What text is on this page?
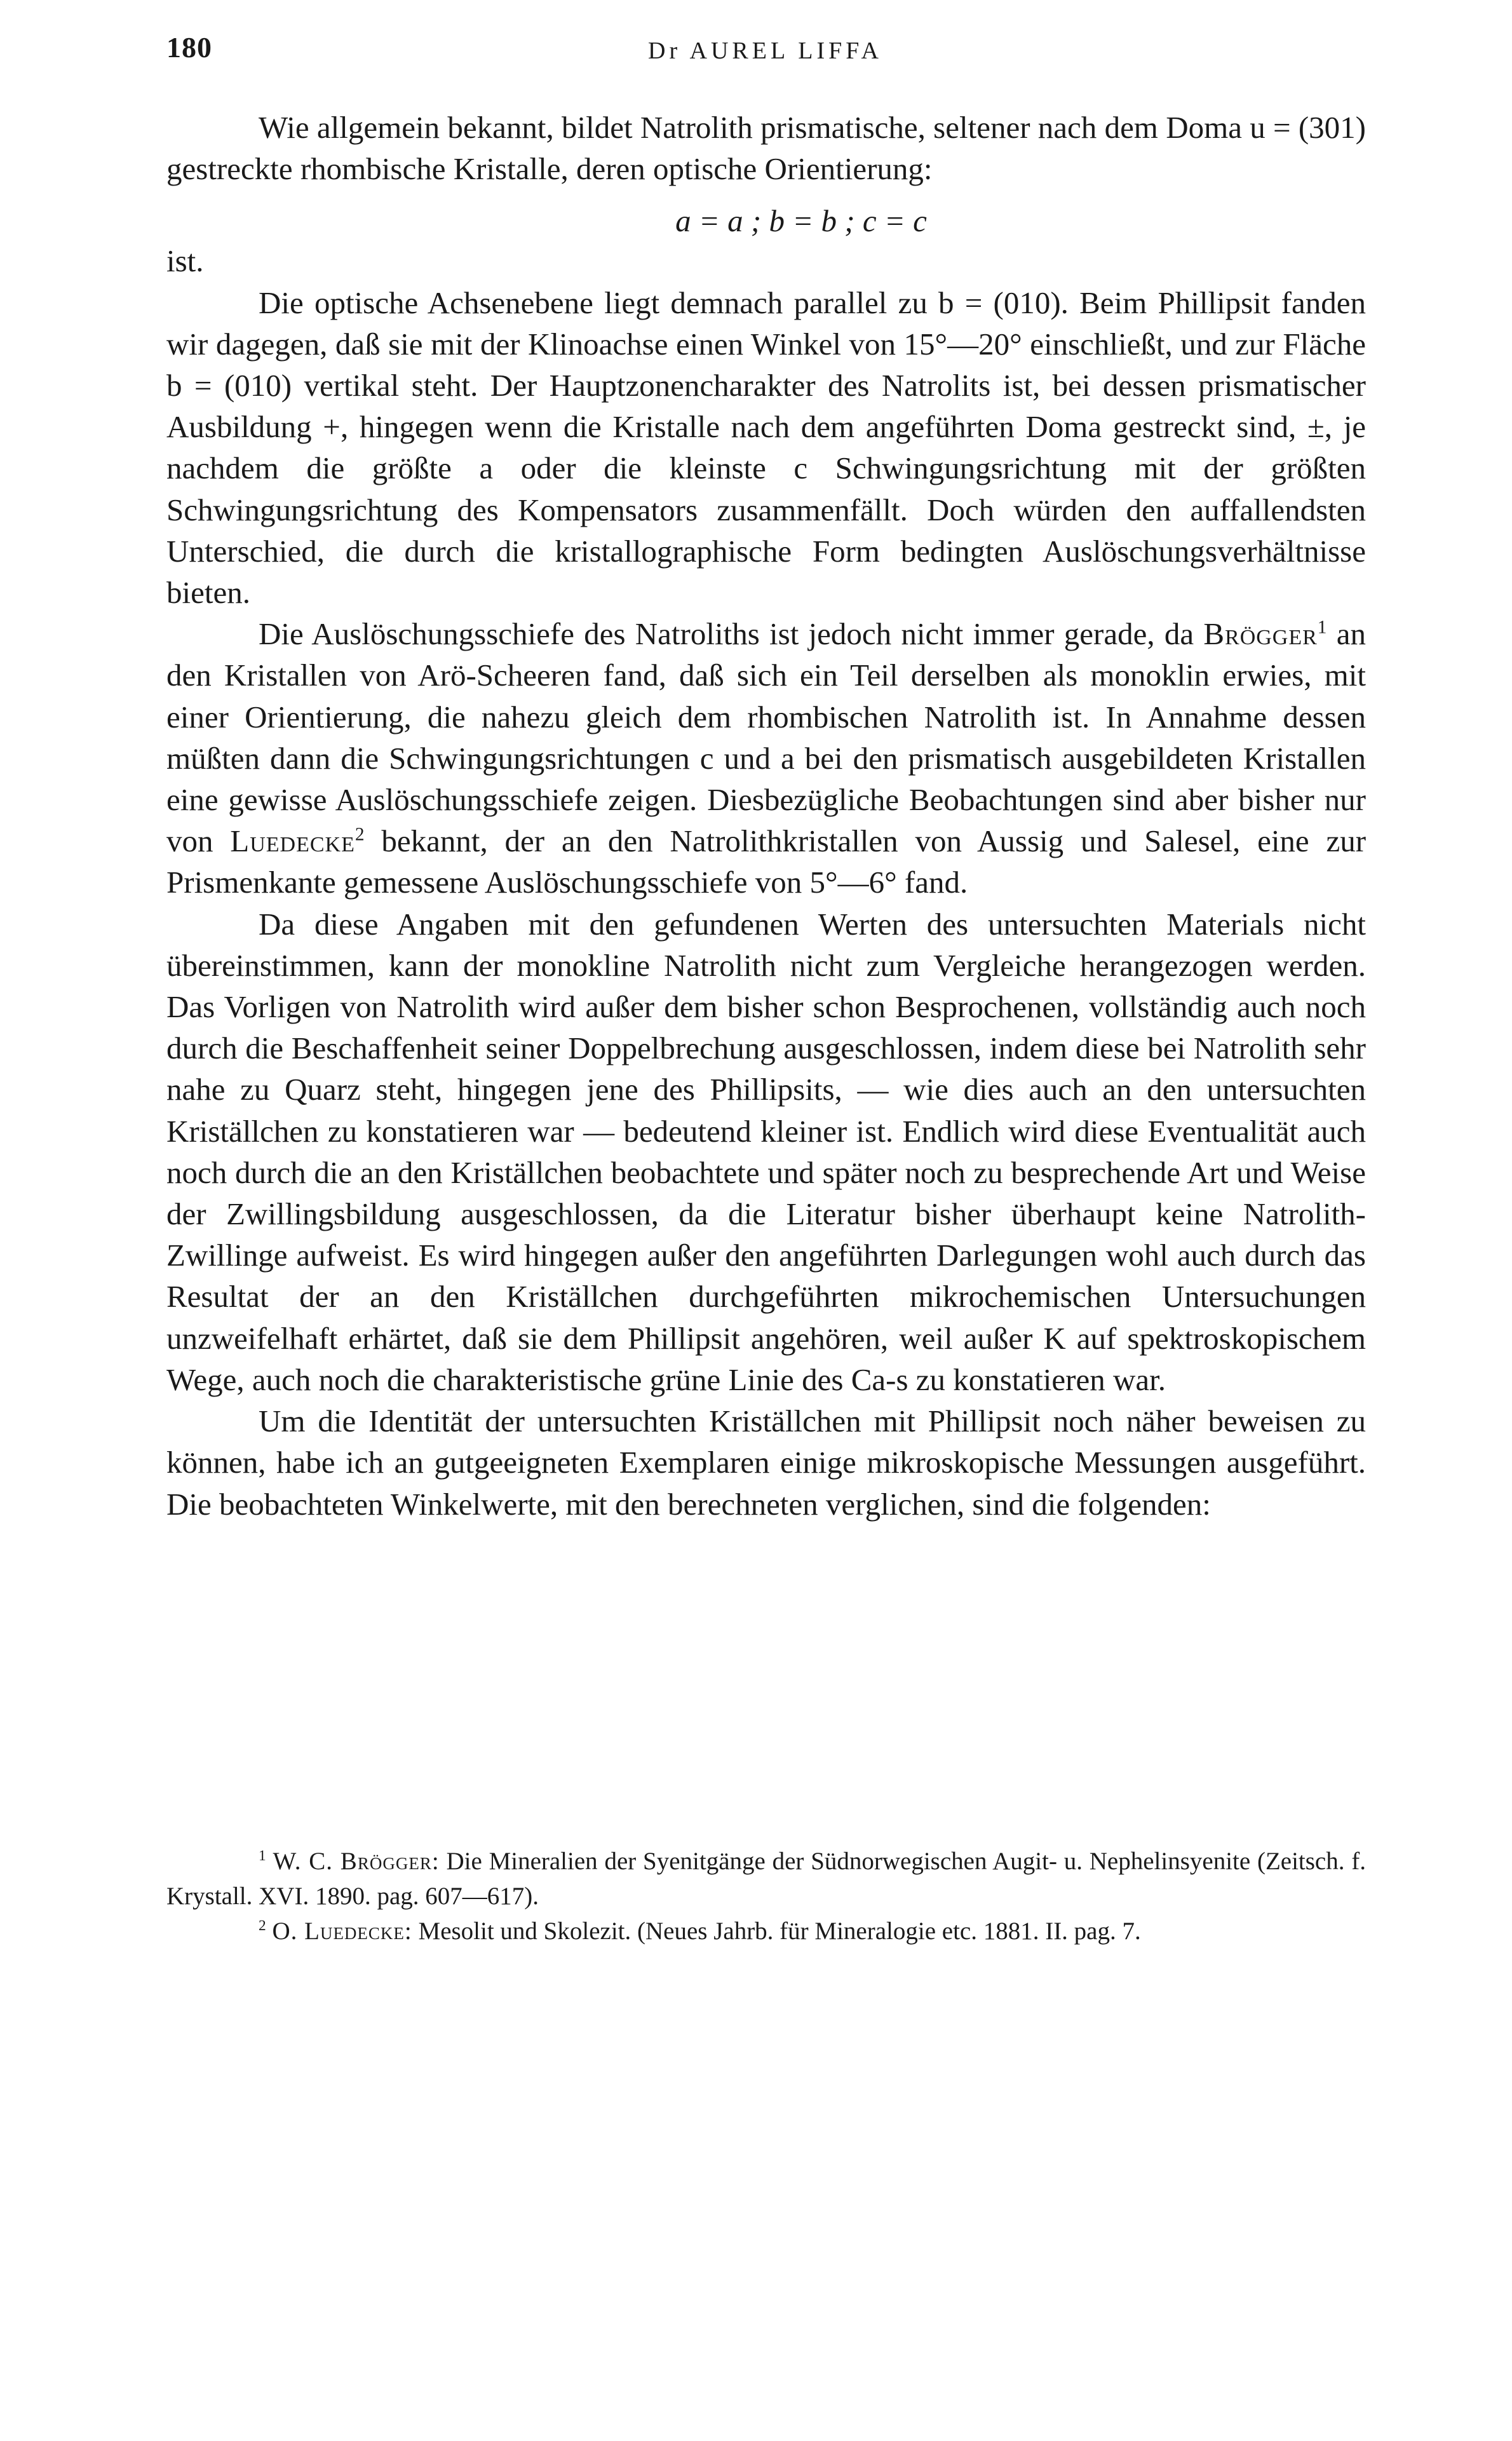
180	Dr AUREL LIFFA

Wie allgemein bekannt, bildet Natrolith prismatische, seltener nach dem Doma u = (301) gestreckte rhombische Kristalle, deren optische Orientierung:

a = a ; b = b ; c = c

ist.

Die optische Achsenebene liegt demnach parallel zu b = (010). Beim Phillipsit fanden wir dagegen, daß sie mit der Klinoachse einen Winkel von 15°—20° einschließt, und zur Fläche b = (010) vertikal steht. Der Hauptzonencharakter des Natrolits ist, bei dessen prismatischer Ausbildung +, hingegen wenn die Kristalle nach dem angeführten Doma gestreckt sind, ±, je nachdem die größte a oder die kleinste c Schwingungsrichtung mit der größten Schwingungsrichtung des Kompensators zusammenfällt. Doch würden den auffallendsten Unterschied, die durch die kristallographische Form bedingten Auslöschungsverhältnisse bieten.

Die Auslöschungsschiefe des Natroliths ist jedoch nicht immer gerade, da Brögger$^1$ an den Kristallen von Arö-Scheeren fand, daß sich ein Teil derselben als monoklin erwies, mit einer Orientierung, die nahezu gleich dem rhombischen Natrolith ist. In Annahme dessen müßten dann die Schwingungsrichtungen c und a bei den prismatisch ausgebildeten Kristallen eine gewisse Auslöschungsschiefe zeigen. Diesbezügliche Beobachtungen sind aber bisher nur von Luedecke$^2$ bekannt, der an den Natrolithkristallen von Aussig und Salesel, eine zur Prismenkante gemessene Auslöschungsschiefe von 5°—6° fand.

Da diese Angaben mit den gefundenen Werten des untersuchten Materials nicht übereinstimmen, kann der monokline Natrolith nicht zum Vergleiche herangezogen werden. Das Vorligen von Natrolith wird außer dem bisher schon Besprochenen, vollständig auch noch durch die Beschaffenheit seiner Doppelbrechung ausgeschlossen, indem diese bei Natrolith sehr nahe zu Quarz steht, hingegen jene des Phillipsits, — wie dies auch an den untersuchten Kriställchen zu konstatieren war — bedeutend kleiner ist. Endlich wird diese Eventualität auch noch durch die an den Kriställchen beobachtete und später noch zu besprechende Art und Weise der Zwillingsbildung ausgeschlossen, da die Literatur bisher überhaupt keine Natrolith-Zwillinge aufweist. Es wird hingegen außer den angeführten Darlegungen wohl auch durch das Resultat der an den Kriställchen durchgeführten mikrochemischen Untersuchungen unzweifelhaft erhärtet, daß sie dem Phillipsit angehören, weil außer K auf spektroskopischem Wege, auch noch die charakteristische grüne Linie des Ca-s zu konstatieren war.

Um die Identität der untersuchten Kriställchen mit Phillipsit noch näher beweisen zu können, habe ich an gutgeeigneten Exemplaren einige mikroskopische Messungen ausgeführt. Die beobachteten Winkelwerte, mit den berechneten verglichen, sind die folgenden:

$^1$ W. C. Brögger: Die Mineralien der Syenitgänge der Südnorwegischen Augit- u. Nephelinsyenite (Zeitsch. f. Krystall. XVI. 1890. pag. 607—617).

$^2$ O. Luedecke: Mesolit und Skolezit. (Neues Jahrb. für Mineralogie etc. 1881. II. pag. 7.
